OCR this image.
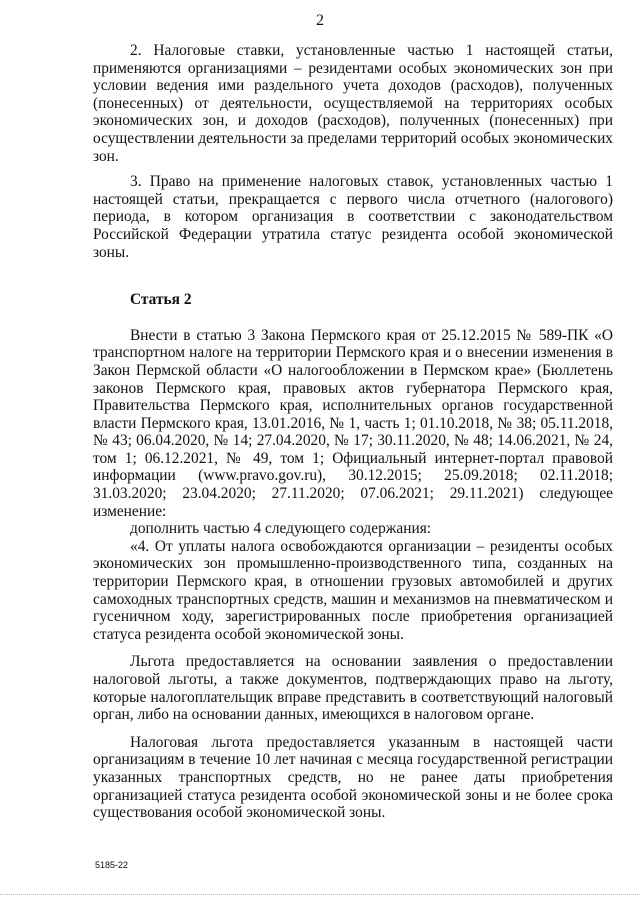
2

2. Налоговые ставки, установленные частью 1 настоящей статьи, применяются организациями – резидентами особых экономических зон при условии ведения ими раздельного учета доходов (расходов), полученных (понесенных) от деятельности, осуществляемой на территориях особых экономических зон, и доходов (расходов), полученных (понесенных) при осуществлении деятельности за пределами территорий особых экономических зон.

3. Право на применение налоговых ставок, установленных частью 1 настоящей статьи, прекращается с первого числа отчетного (налогового) периода, в котором организация в соответствии с законодательством Российской Федерации утратила статус резидента особой экономической зоны.

Статья 2

Внести в статью 3 Закона Пермского края от 25.12.2015 № 589-ПК «О транспортном налоге на территории Пермского края и о внесении изменения в Закон Пермской области «О налогообложении в Пермском крае» (Бюллетень законов Пермского края, правовых актов губернатора Пермского края, Правительства Пермского края, исполнительных органов государственной власти Пермского края, 13.01.2016, № 1, часть 1; 01.10.2018, № 38; 05.11.2018, № 43; 06.04.2020, № 14; 27.04.2020, № 17; 30.11.2020, № 48; 14.06.2021, № 24, том 1; 06.12.2021, № 49, том 1; Официальный интернет-портал правовой информации (www.pravo.gov.ru), 30.12.2015; 25.09.2018; 02.11.2018; 31.03.2020; 23.04.2020; 27.11.2020; 07.06.2021; 29.11.2021) следующее изменение:

дополнить частью 4 следующего содержания:

«4. От уплаты налога освобождаются организации – резиденты особых экономических зон промышленно-производственного типа, созданных на территории Пермского края, в отношении грузовых автомобилей и других самоходных транспортных средств, машин и механизмов на пневматическом и гусеничном ходу, зарегистрированных после приобретения организацией статуса резидента особой экономической зоны.

Льгота предоставляется на основании заявления о предоставлении налоговой льготы, а также документов, подтверждающих право на льготу, которые налогоплательщик вправе представить в соответствующий налоговый орган, либо на основании данных, имеющихся в налоговом органе.

Налоговая льгота предоставляется указанным в настоящей части организациям в течение 10 лет начиная с месяца государственной регистрации указанных транспортных средств, но не ранее даты приобретения организацией статуса резидента особой экономической зоны и не более срока существования особой экономической зоны.

5185-22
